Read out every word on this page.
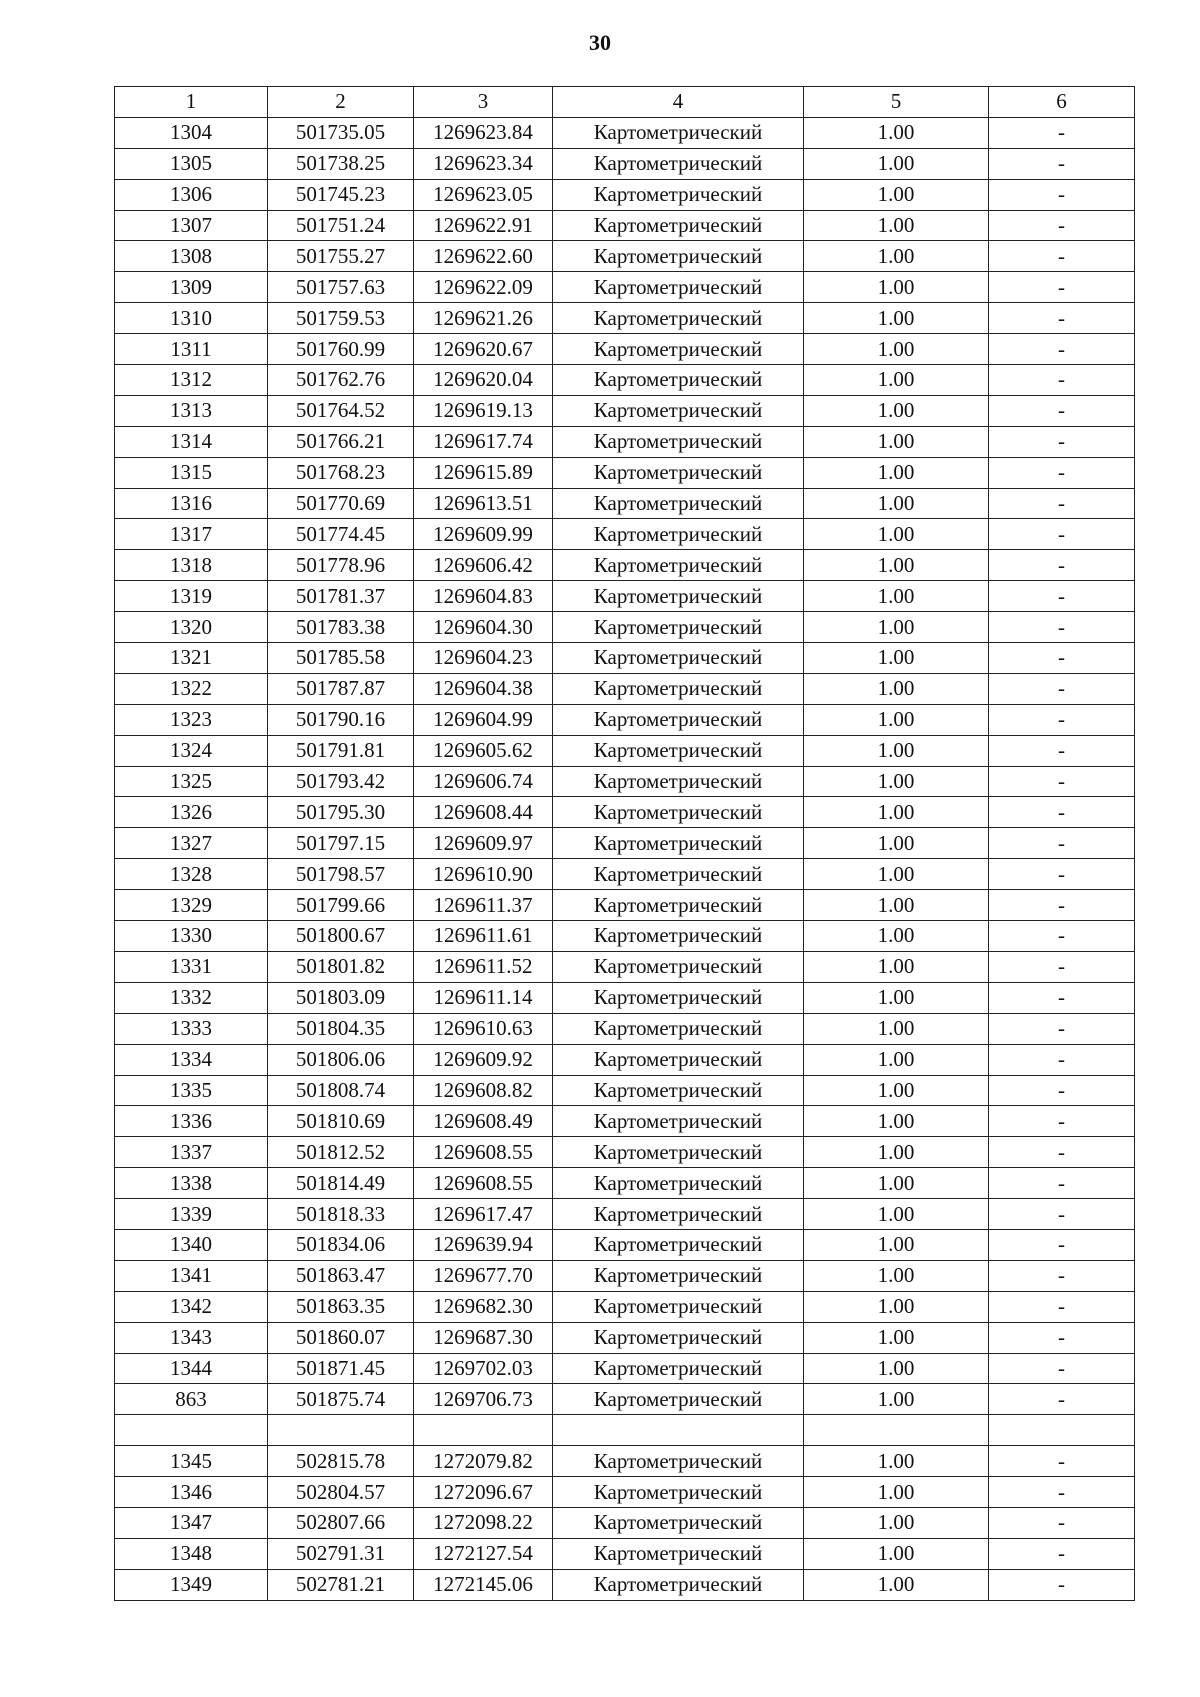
30
1	2	3	4	5	6
1304	501735.05	1269623.84	Картометрический	1.00	-
1305	501738.25	1269623.34	Картометрический	1.00	-
1306	501745.23	1269623.05	Картометрический	1.00	-
1307	501751.24	1269622.91	Картометрический	1.00	-
1308	501755.27	1269622.60	Картометрический	1.00	-
1309	501757.63	1269622.09	Картометрический	1.00	-
1310	501759.53	1269621.26	Картометрический	1.00	-
1311	501760.99	1269620.67	Картометрический	1.00	-
1312	501762.76	1269620.04	Картометрический	1.00	-
1313	501764.52	1269619.13	Картометрический	1.00	-
1314	501766.21	1269617.74	Картометрический	1.00	-
1315	501768.23	1269615.89	Картометрический	1.00	-
1316	501770.69	1269613.51	Картометрический	1.00	-
1317	501774.45	1269609.99	Картометрический	1.00	-
1318	501778.96	1269606.42	Картометрический	1.00	-
1319	501781.37	1269604.83	Картометрический	1.00	-
1320	501783.38	1269604.30	Картометрический	1.00	-
1321	501785.58	1269604.23	Картометрический	1.00	-
1322	501787.87	1269604.38	Картометрический	1.00	-
1323	501790.16	1269604.99	Картометрический	1.00	-
1324	501791.81	1269605.62	Картометрический	1.00	-
1325	501793.42	1269606.74	Картометрический	1.00	-
1326	501795.30	1269608.44	Картометрический	1.00	-
1327	501797.15	1269609.97	Картометрический	1.00	-
1328	501798.57	1269610.90	Картометрический	1.00	-
1329	501799.66	1269611.37	Картометрический	1.00	-
1330	501800.67	1269611.61	Картометрический	1.00	-
1331	501801.82	1269611.52	Картометрический	1.00	-
1332	501803.09	1269611.14	Картометрический	1.00	-
1333	501804.35	1269610.63	Картометрический	1.00	-
1334	501806.06	1269609.92	Картометрический	1.00	-
1335	501808.74	1269608.82	Картометрический	1.00	-
1336	501810.69	1269608.49	Картометрический	1.00	-
1337	501812.52	1269608.55	Картометрический	1.00	-
1338	501814.49	1269608.55	Картометрический	1.00	-
1339	501818.33	1269617.47	Картометрический	1.00	-
1340	501834.06	1269639.94	Картометрический	1.00	-
1341	501863.47	1269677.70	Картометрический	1.00	-
1342	501863.35	1269682.30	Картометрический	1.00	-
1343	501860.07	1269687.30	Картометрический	1.00	-
1344	501871.45	1269702.03	Картометрический	1.00	-
863	501875.74	1269706.73	Картометрический	1.00	-

1345	502815.78	1272079.82	Картометрический	1.00	-
1346	502804.57	1272096.67	Картометрический	1.00	-
1347	502807.66	1272098.22	Картометрический	1.00	-
1348	502791.31	1272127.54	Картометрический	1.00	-
1349	502781.21	1272145.06	Картометрический	1.00	-
